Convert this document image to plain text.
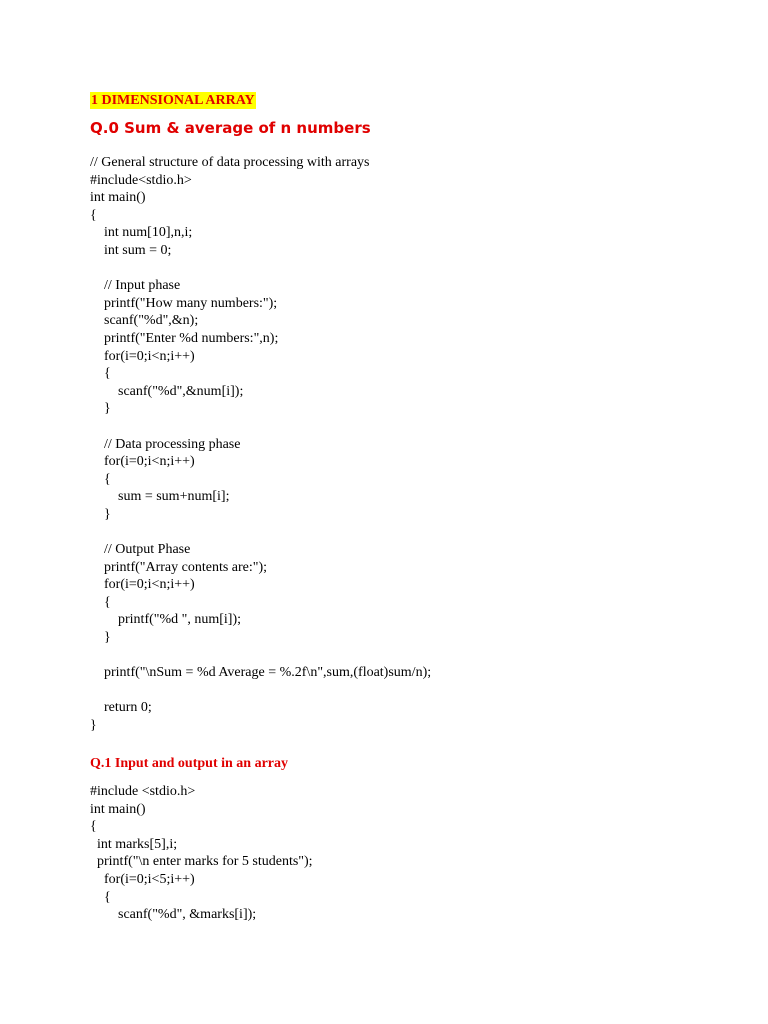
1 DIMENSIONAL ARRAY
Q.0 Sum & average of n numbers
// General structure of data processing with arrays
#include<stdio.h>
int main()
{
int num[10],n,i;
int sum = 0;
// Input phase
printf("How many numbers:");
scanf("%d",&n);
printf("Enter %d numbers:",n);
for(i=0;i<n;i++)
{
scanf("%d",&num[i]);
}
// Data processing phase
for(i=0;i<n;i++)
{
sum = sum+num[i];
}
// Output Phase
printf("Array contents are:");
for(i=0;i<n;i++)
{
printf("%d ", num[i]);
}
printf("\nSum = %d Average = %.2f\n",sum,(float)sum/n);
return 0;
}
Q.1 Input and output in an array
#include <stdio.h>
int main()
{
int marks[5],i;
printf("\n enter marks for 5 students");
for(i=0;i<5;i++)
{
scanf("%d", &marks[i]);
